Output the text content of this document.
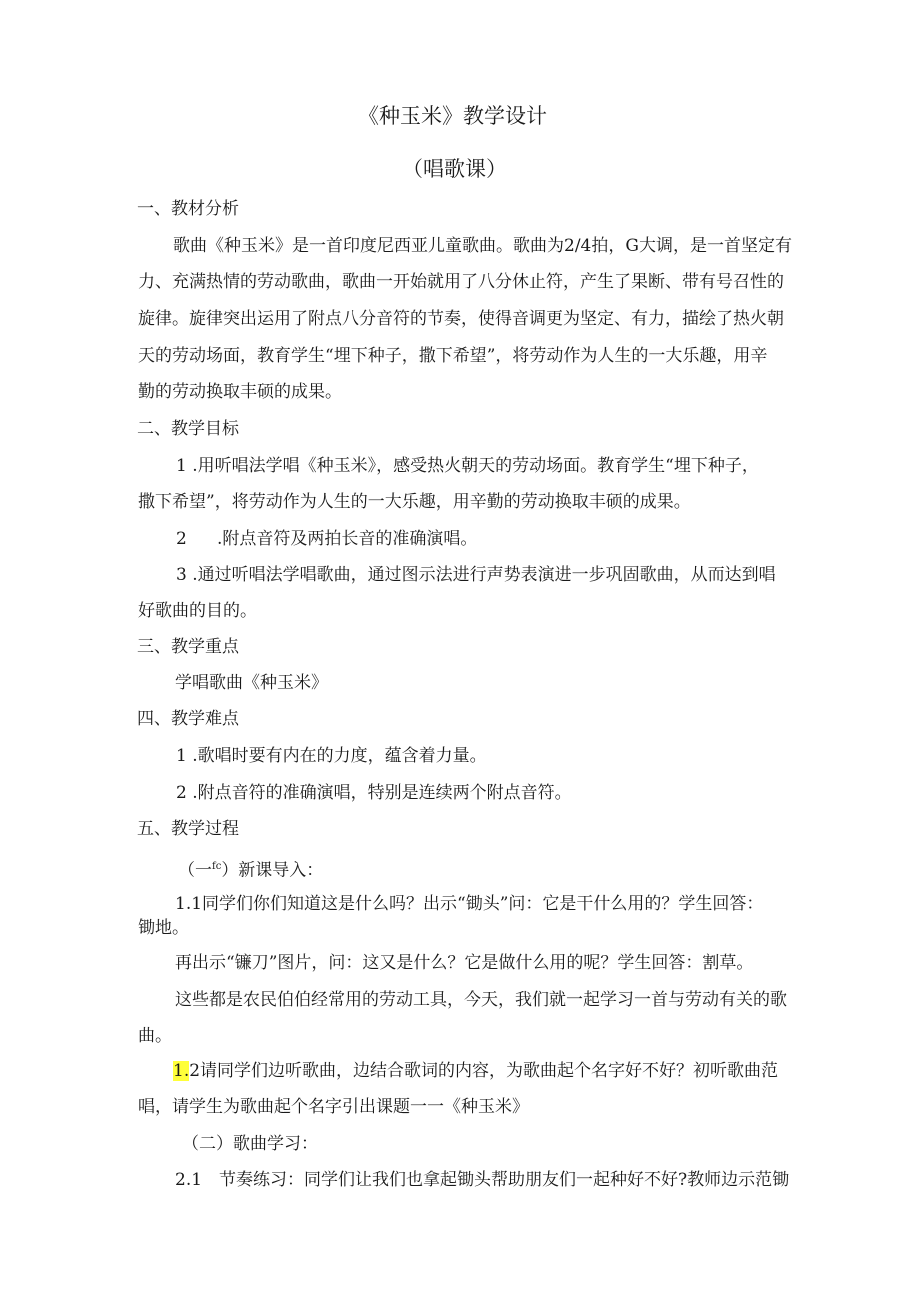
《种玉米》教学设计
（唱歌课）
一、教材分析
歌曲《种玉米》是一首印度尼西亚儿童歌曲。歌曲为2/4拍，G大调，是一首坚定有
力、充满热情的劳动歌曲，歌曲一开始就用了八分休止符，产生了果断、带有号召性的
旋律。旋律突出运用了附点八分音符的节奏，使得音调更为坚定、有力，描绘了热火朝
天的劳动场面，教育学生“埋下种子，撒下希望”，将劳动作为人生的一大乐趣，用辛
勤的劳动换取丰硕的成果。
二、教学目标
1 .用听唱法学唱《种玉米》，感受热火朝天的劳动场面。教育学生“埋下种子，
撒下希望”，将劳动作为人生的一大乐趣，用辛勤的劳动换取丰硕的成果。
2 .附点音符及两拍长音的准确演唱。
3 .通过听唱法学唱歌曲，通过图示法进行声势表演进一步巩固歌曲，从而达到唱
好歌曲的目的。
三、教学重点
学唱歌曲《种玉米》
四、教学难点
1 .歌唱时要有内在的力度，蕴含着力量。
2 .附点音符的准确演唱，特别是连续两个附点音符。
五、教学过程
（一$^{fc}$）新课导入：
1.1同学们你们知道这是什么吗？出示“锄头”问：它是干什么用的？学生回答：
锄地。
再出示“镰刀”图片，问：这又是什么？它是做什么用的呢？学生回答：割草。
这些都是农民伯伯经常用的劳动工具，今天，我们就一起学习一首与劳动有关的歌
曲。
1.2请同学们边听歌曲，边结合歌词的内容，为歌曲起个名字好不好？初听歌曲范
唱，请学生为歌曲起个名字引出课题一一《种玉米》
（二）歌曲学习：
2.1　节奏练习：同学们让我们也拿起锄头帮助朋友们一起种好不好?教师边示范锄
